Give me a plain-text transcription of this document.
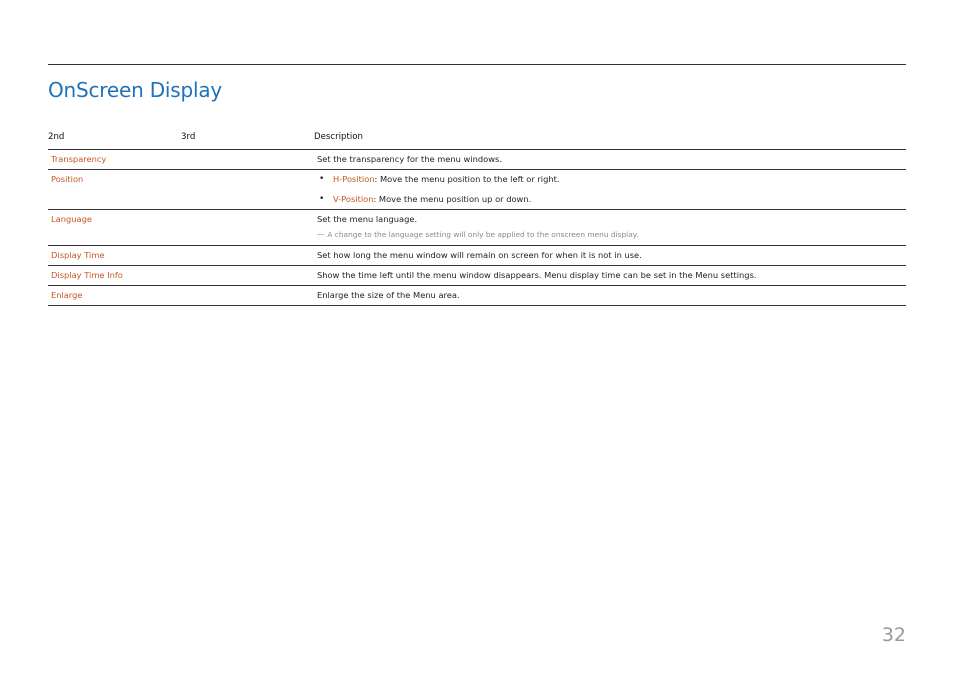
OnScreen Display
2nd	3rd	Description
Transparency	Set the transparency for the menu windows.
Position	•	H-Position: Move the menu position to the left or right.
•	V-Position: Move the menu position up or down.
Language	Set the menu language.
― A change to the language setting will only be applied to the onscreen menu display.
Display Time	Set how long the menu window will remain on screen for when it is not in use.
Display Time Info	Show the time left until the menu window disappears. Menu display time can be set in the Menu settings.
Enlarge	Enlarge the size of the Menu area.
32
